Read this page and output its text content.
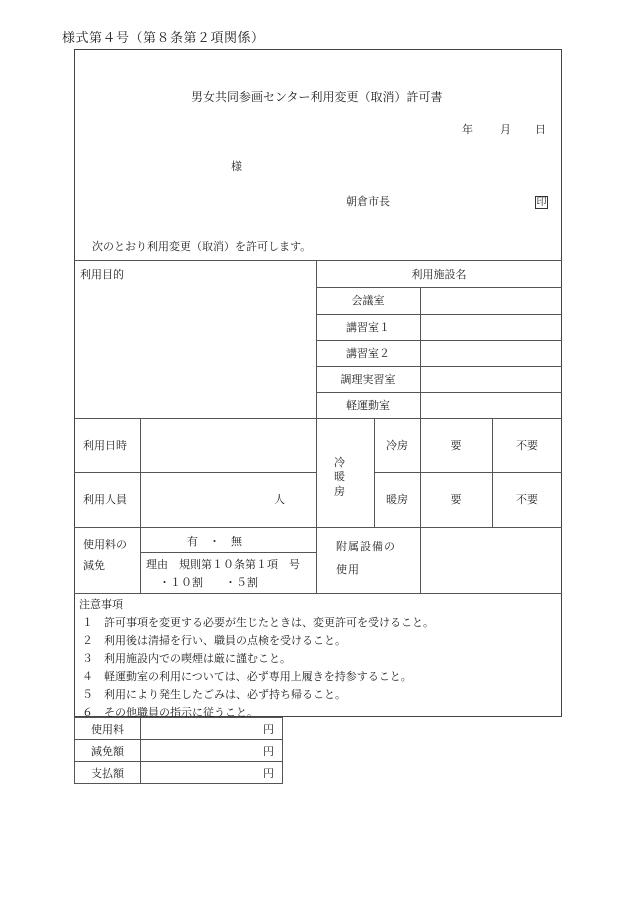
様式第４号（第８条第２項関係）
男女共同参画センター利用変更（取消）許可書
年 月 日
様
朝倉市長	印
次のとおり利用変更（取消）を許可します。
利用目的	利用施設名
会議室
講習室１
講習室２
調理実習室
軽運動室
利用日時
利用人員	人
冷暖房
冷房	要	不要
暖房	要	不要
使用料の
減免
有　・　無
理由　規則第１０条第１項　号
・１０割　　・５割
附属設備の
使用
注意事項
１　許可事項を変更する必要が生じたときは、変更許可を受けること。
２　利用後は清掃を行い、職員の点検を受けること。
３　利用施設内での喫煙は厳に謹むこと。
４　軽運動室の利用については、必ず専用上履きを持参すること。
５　利用により発生したごみは、必ず持ち帰ること。
６　その他職員の指示に従うこと。
使用料	円
減免額	円
支払額	円
